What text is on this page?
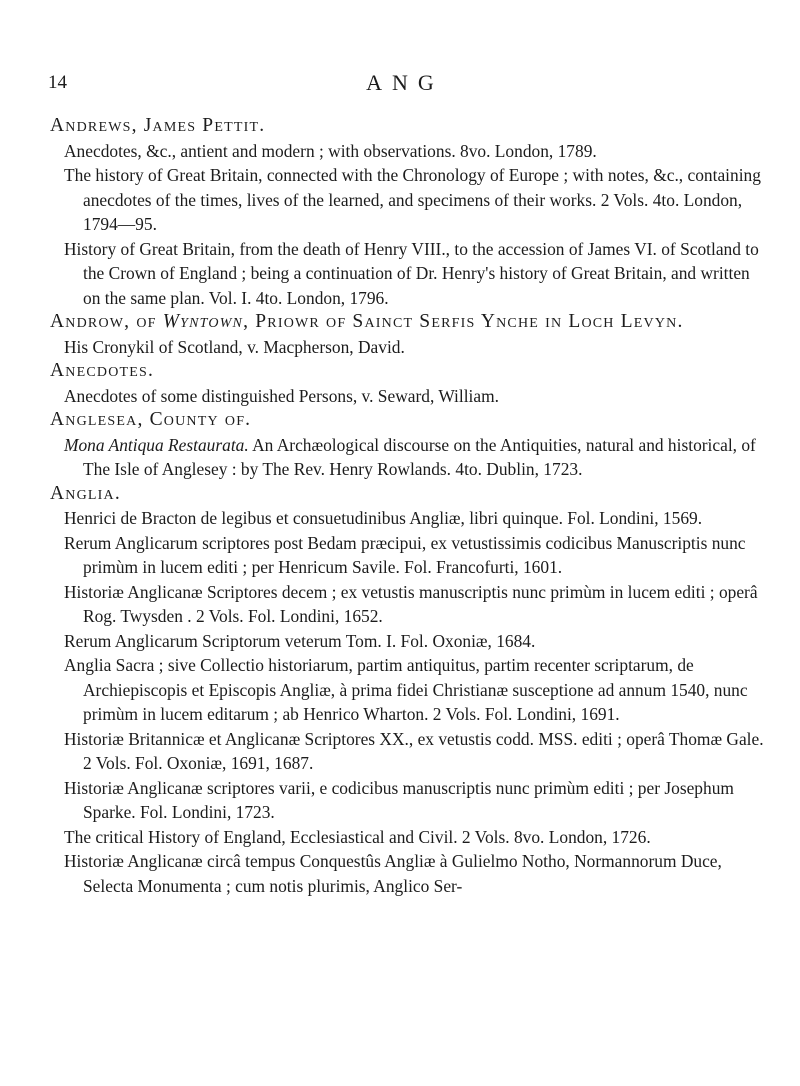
14	ANG

Andrews, James Pettit.

Anecdotes, &c., antient and modern ; with observations. 8vo. London, 1789.

The history of Great Britain, connected with the Chronology of Europe ; with notes, &c., containing anecdotes of the times, lives of the learned, and specimens of their works. 2 Vols. 4to. London, 1794—95.

History of Great Britain, from the death of Henry VIII., to the accession of James VI. of Scotland to the Crown of England ; being a continuation of Dr. Henry's history of Great Britain, and written on the same plan. Vol. I. 4to. London, 1796.

Androw, of Wyntown, Priowr of Sainct Serfis Ynche in Loch Levyn.

His Cronykil of Scotland, v. Macpherson, David.

Anecdotes.

Anecdotes of some distinguished Persons, v. Seward, William.

Anglesea, County of.

Mona Antiqua Restaurata. An Archæological discourse on the Antiquities, natural and historical, of The Isle of Anglesey : by The Rev. Henry Rowlands. 4to. Dublin, 1723.

Anglia.

Henrici de Bracton de legibus et consuetudinibus Angliæ, libri quinque. Fol. Londini, 1569.

Rerum Anglicarum scriptores post Bedam præcipui, ex vetustissimis codicibus Manuscriptis nunc primùm in lucem editi ; per Henricum Savile. Fol. Francofurti, 1601.

Historiæ Anglicanæ Scriptores decem ; ex vetustis manuscriptis nunc primùm in lucem editi ; operâ Rog. Twysden . 2 Vols. Fol. Londini, 1652.

Rerum Anglicarum Scriptorum veterum Tom. I. Fol. Oxoniæ, 1684.

Anglia Sacra ; sive Collectio historiarum, partim antiquitus, partim recenter scriptarum, de Archiepiscopis et Episcopis Angliæ, à prima fidei Christianæ susceptione ad annum 1540, nunc primùm in lucem editarum ; ab Henrico Wharton. 2 Vols. Fol. Londini, 1691.

Historiæ Britannicæ et Anglicanæ Scriptores XX., ex vetustis codd. MSS. editi ; operâ Thomæ Gale. 2 Vols. Fol. Oxoniæ, 1691, 1687.

Historiæ Anglicanæ scriptores varii, e codicibus manuscriptis nunc primùm editi ; per Josephum Sparke. Fol. Londini, 1723.

The critical History of England, Ecclesiastical and Civil. 2 Vols. 8vo. London, 1726.

Historiæ Anglicanæ circâ tempus Conquestûs Angliæ à Gulielmo Notho, Normannorum Duce, Selecta Monumenta ; cum notis plurimis, Anglico Ser-
